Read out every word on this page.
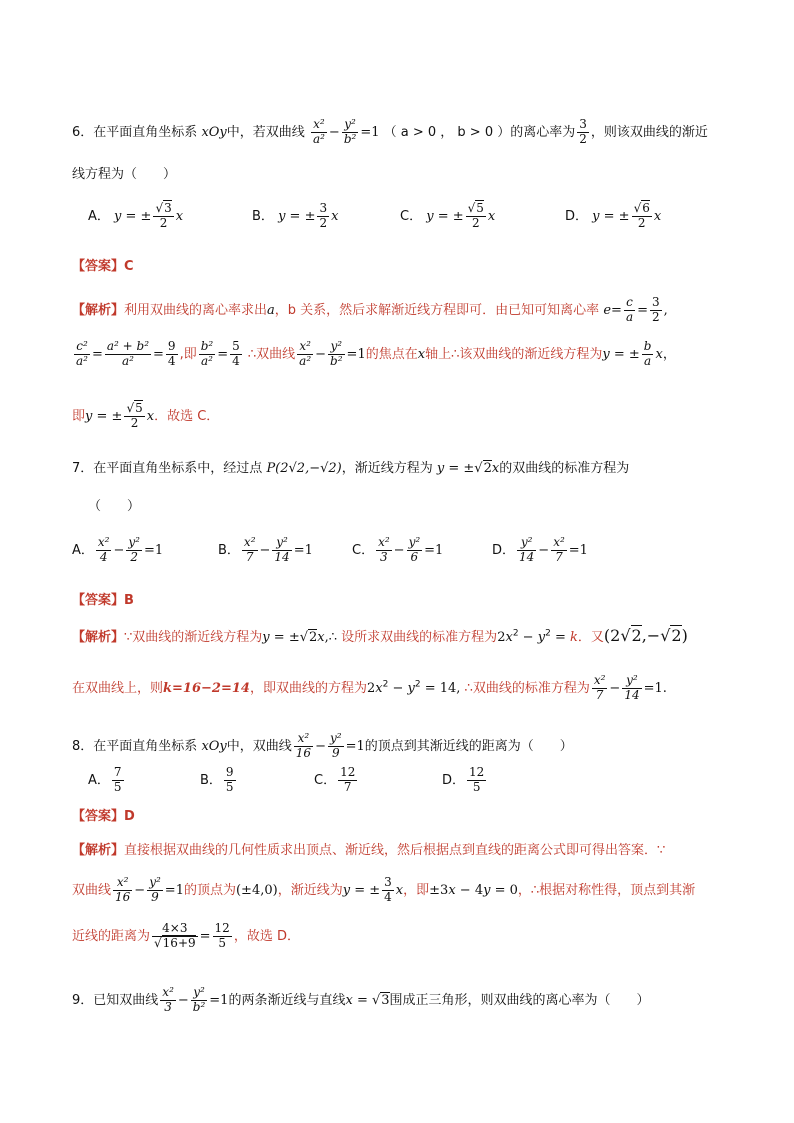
6．在平面直角坐标系 xOy中，若双曲线 $\frac{\text{x²}}{\text{a²}} - \frac{\text{y²}}{\text{b²}} =1$ （ a > 0 ， b > 0 ）的离心率为 $\frac{3}{2}$ ，则该双曲线的渐近
线方程为（　　）
A． y = ± $\frac{√3}{2}$ x	B． y = ± $\frac{3}{2}$ x	C． y = ± $\frac{√5}{2}$ x	D． y = ± $\frac{√6}{2}$ x
【答案】C
【解析】利用双曲线的离心率求出a，b 关系，然后求解渐近线方程即可．由已知可知离心率 $e= \frac{c}{a} = \frac{3}{2}$ ,
$\frac{\text{c²}}{\text{a²}} = \frac{\text{a² + b²}}{\text{a²}} = \frac{9}{4}$ ,即 $\frac{\text{b²}}{\text{a²}} = \frac{5}{4}$ ∴双曲线 $\frac{\text{x²}}{\text{a²}} - \frac{\text{y²}}{\text{b²}} =1$的焦点在x轴上∴该双曲线的渐近线方程为y = ± $\frac{b}{a}$ x，
即y = ± $\frac{√5}{2}$ x．故选 C．
7．在平面直角坐标系中，经过点 P(2√2,−√2)，渐近线方程为 y = ±√2x的双曲线的标准方程为
（　　）
A． $\frac{\text{x²}}{4} - \frac{\text{y²}}{2} =1$	B． $\frac{\text{x²}}{7} - \frac{\text{y²}}{14} =1$	C． $\frac{\text{x²}}{3} - \frac{\text{y²}}{6} =1$	D． $\frac{\text{y²}}{14} - \frac{\text{x²}}{7} =1$
【答案】B
【解析】∵双曲线的渐近线方程为y = ±√2x,∴ 设所求双曲线的标准方程为$2x^2 - y^2 = k$．又(2√2,−√2)
在双曲线上，则k=16−2=14，即双曲线的方程为$2x^2 - y^2 = 14$, ∴双曲线的标准方程为 $\frac{\text{x²}}{7} - \frac{\text{y²}}{14} =1$.
8．在平面直角坐标系 xOy中，双曲线 $\frac{\text{x²}}{16} - \frac{\text{y²}}{9} =1$的顶点到其渐近线的距离为（　　）
A． $\frac{7}{5}$	B． $\frac{9}{5}$	C． $\frac{12}{7}$	D． $\frac{12}{5}$
【答案】D
【解析】直接根据双曲线的几何性质求出顶点、渐近线，然后根据点到直线的距离公式即可得出答案．∵
双曲线 $\frac{\text{x²}}{16} - \frac{\text{y²}}{9} =1$的顶点为(±4,0)，渐近线为y = ± $\frac{3}{4}$ x，即±3x − 4y = 0，∴根据对称性得，顶点到其渐
近线的距离为 $\frac{4\times 3}{√16+9} = \frac{12}{5}$ ，故选 D．
9．已知双曲线 $\frac{\text{x²}}{3} - \frac{\text{y²}}{\text{b²}} =1$的两条渐近线与直线x = √3围成正三角形，则双曲线的离心率为（　　）
